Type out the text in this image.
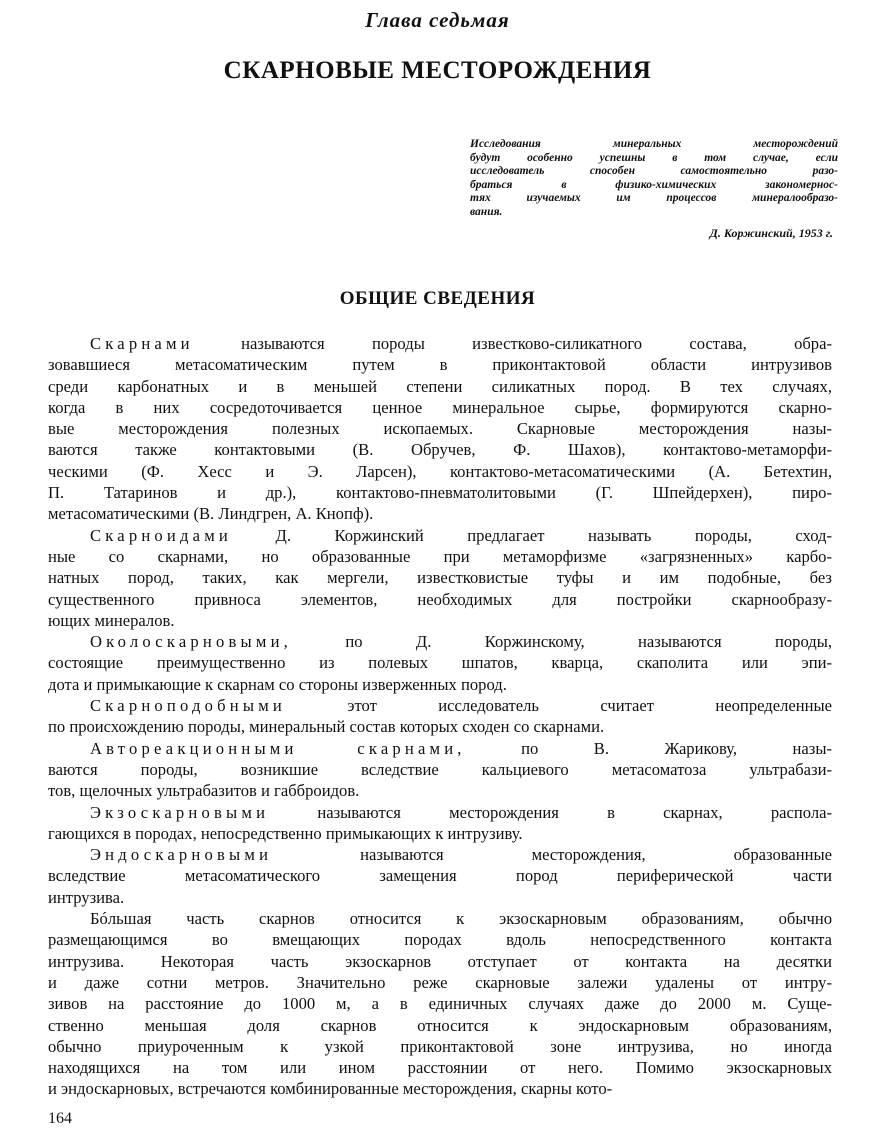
Глава седьмая
СКАРНОВЫЕ МЕСТОРОЖДЕНИЯ
Исследования минеральных месторождений
будут особенно успешны в том случае, если
исследователь способен самостоятельно разо-
браться в физико-химических закономернос-
тях изучаемых им процессов минералообразо-
вания.
Д. Коржинский, 1953 г.
ОБЩИЕ СВЕДЕНИЯ
Скарнами называются породы известково-силикатного состава, обра-
зовавшиеся метасоматическим путем в приконтактовой области интрузивов
среди карбонатных и в меньшей степени силикатных пород. В тех случаях,
когда в них сосредоточивается ценное минеральное сырье, формируются скарно-
вые месторождения полезных ископаемых. Скарновые месторождения назы-
ваются также контактовыми (В. Обручев, Ф. Шахов), контактово-метаморфи-
ческими (Ф. Хесс и Э. Ларсен), контактово-метасоматическими (А. Бетехтин,
П. Татаринов и др.), контактово-пневматолитовыми (Г. Шпейдерхен), пиро-
метасоматическими (В. Линдгрен, А. Кнопф).
Скарноидами Д. Коржинский предлагает называть породы, сход-
ные со скарнами, но образованные при метаморфизме «загрязненных» карбо-
натных пород, таких, как мергели, известковистые туфы и им подобные, без
существенного привноса элементов, необходимых для постройки скарнообразу-
ющих минералов.
Околоскарновыми, по Д. Коржинскому, называются породы,
состоящие преимущественно из полевых шпатов, кварца, скаполита или эпи-
дота и примыкающие к скарнам со стороны изверженных пород.
Скарноподобными этот исследователь считает неопределенные
по происхождению породы, минеральный состав которых сходен со скарнами.
Автореакционными скарнами, по В. Жарикову, назы-
ваются породы, возникшие вследствие кальциевого метасоматоза ультрабази-
тов, щелочных ультрабазитов и габброидов.
Экзоскарновыми называются месторождения в скарнах, распола-
гающихся в породах, непосредственно примыкающих к интрузиву.
Эндоскарновыми называются месторождения, образованные
вследствие метасоматического замещения пород периферической части
интрузива.
Бóльшая часть скарнов относится к экзоскарновым образованиям, обычно
размещающимся во вмещающих породах вдоль непосредственного контакта
интрузива. Некоторая часть экзоскарнов отступает от контакта на десятки
и даже сотни метров. Значительно реже скарновые залежи удалены от интру-
зивов на расстояние до 1000 м, а в единичных случаях даже до 2000 м. Суще-
ственно меньшая доля скарнов относится к эндоскарновым образованиям,
обычно приуроченным к узкой приконтактовой зоне интрузива, но иногда
находящихся на том или ином расстоянии от него. Помимо экзоскарновых
и эндоскарновых, встречаются комбинированные месторождения, скарны кото-
164
